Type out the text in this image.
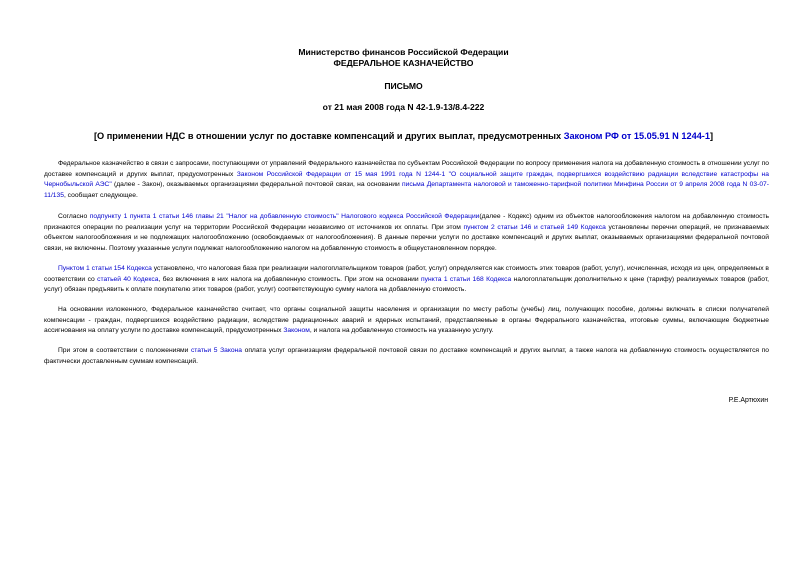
Министерство финансов Российской Федерации
ФЕДЕРАЛЬНОЕ КАЗНАЧЕЙСТВО
ПИСЬМО
от 21 мая 2008 года N 42-1.9-13/8.4-222
[О применении НДС в отношении услуг по доставке компенсаций и других выплат, предусмотренных Законом РФ от 15.05.91 N 1244-1]

Федеральное казначейство в связи с запросами, поступающими от управлений Федерального казначейства по субъектам Российской Федерации по вопросу применения налога на добавленную стоимость в отношении услуг по доставке компенсаций и других выплат, предусмотренных Законом Российской Федерации от 15 мая 1991 года N 1244-1 "О социальной защите граждан, подвергшихся воздействию радиации вследствие катастрофы на Чернобыльской АЭС" (далее - Закон), оказываемых организациями федеральной почтовой связи, на основании письма Департамента налоговой и таможенно-тарифной политики Минфина России от 9 апреля 2008 года N 03-07-11/135, сообщает следующее.

Согласно подпункту 1 пункта 1 статьи 146 главы 21 "Налог на добавленную стоимость" Налогового кодекса Российской Федерации(далее - Кодекс) одним из объектов налогообложения налогом на добавленную стоимость признаются операции по реализации услуг на территории Российской Федерации независимо от источников их оплаты. При этом пунктом 2 статьи 146 и статьей 149 Кодекса установлены перечни операций, не признаваемых объектом налогообложения и не подлежащих налогообложению (освобождаемых от налогообложения). В данные перечни услуги по доставке компенсаций и других выплат, оказываемых организациями федеральной почтовой связи, не включены. Поэтому указанные услуги подлежат налогообложению налогом на добавленную стоимость в общеустановленном порядке.

Пунктом 1 статьи 154 Кодекса установлено, что налоговая база при реализации налогоплательщиком товаров (работ, услуг) определяется как стоимость этих товаров (работ, услуг), исчисленная, исходя из цен, определяемых в соответствии со статьей 40 Кодекса, без включения в них налога на добавленную стоимость. При этом на основании пункта 1 статьи 168 Кодекса налогоплательщик дополнительно к цене (тарифу) реализуемых товаров (работ, услуг) обязан предъявить к оплате покупателю этих товаров (работ, услуг) соответствующую сумму налога на добавленную стоимость.

На основании изложенного, Федеральное казначейство считает, что органы социальной защиты населения и организации по месту работы (учебы) лиц, получающих пособие, должны включать в списки получателей компенсации - граждан, подвергшихся воздействию радиации, вследствие радиационных аварий и ядерных испытаний, представляемые в органы Федерального казначейства, итоговые суммы, включающие бюджетные ассигнования на оплату услуги по доставке компенсаций, предусмотренных Законом, и налога на добавленную стоимость на указанную услугу.

При этом в соответствии с положениями статьи 5 Закона оплата услуг организациям федеральной почтовой связи по доставке компенсаций и других выплат, а также налога на добавленную стоимость осуществляется по фактически доставленным суммам компенсаций.

Р.Е.Артюхин
